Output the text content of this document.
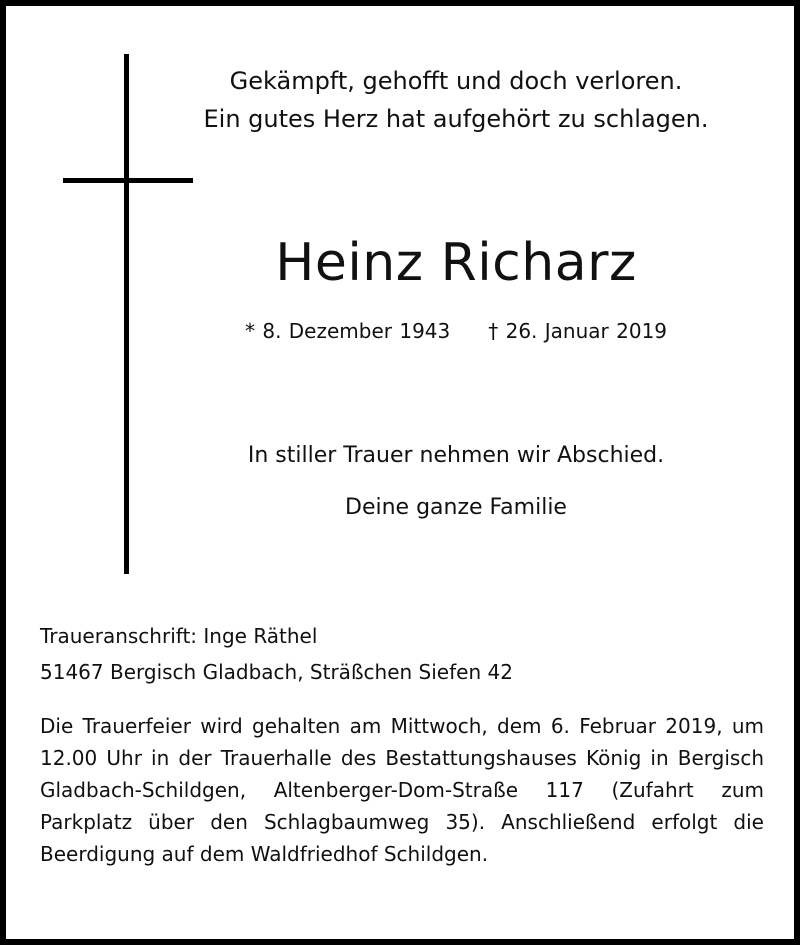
Gekämpft, gehofft und doch verloren.
Ein gutes Herz hat aufgehört zu schlagen.
Heinz Richarz
* 8. Dezember 1943 † 26. Januar 2019
In stiller Trauer nehmen wir Abschied.
Deine ganze Familie
Traueranschrift: Inge Räthel
51467 Bergisch Gladbach, Sträßchen Siefen 42
Die Trauerfeier wird gehalten am Mittwoch, dem 6. Februar 2019, um 12.00 Uhr in der Trauerhalle des Bestattungshauses König in Bergisch Gladbach-Schildgen, Altenberger-Dom-Straße 117 (Zufahrt zum Parkplatz über den Schlagbaumweg 35). Anschließend erfolgt die Beerdigung auf dem Waldfriedhof Schildgen.
